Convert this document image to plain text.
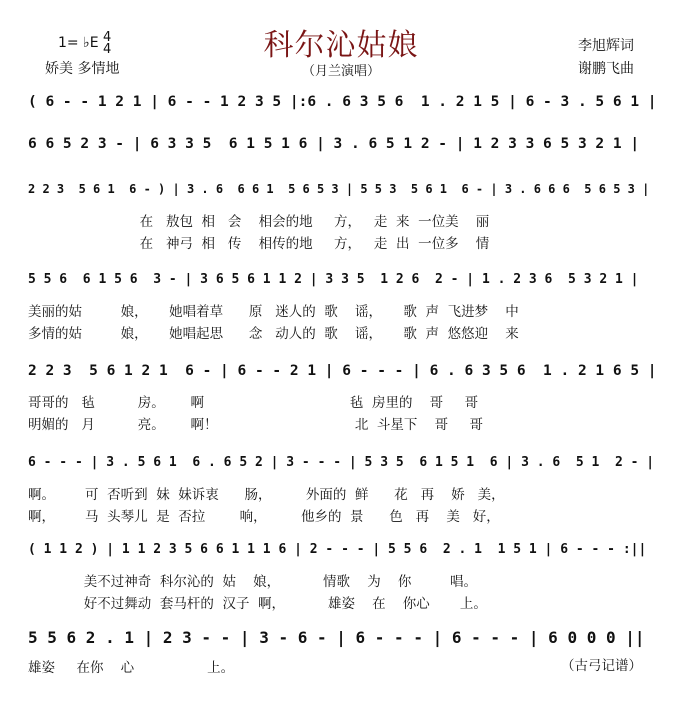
科尔沁姑娘
1= ♭E 4
4
娇美 多情地	（月兰演唱）
李旭辉词
谢鹏飞曲
( 6 - - 1 2 1 | 6 - - 1 2 3 5 |:6 . 6 3 5 6  1 . 2 1 5 | 6 - 3 . 5 6 1 |
6 6 5 2 3 - | 6 3 3 5  6 1 5 1 6 | 3 . 6 5 1 2 - | 1 2 3 3 6 5 3 2 1 |
2 2 3  5 6 1  6 - ) | 3 . 6  6 6 1  5 6 5 3 | 5 5 3  5 6 1  6 - | 3 . 6 6 6  5 6 5 3 |
在   敖包  相   会    相会的地     方，   走  来  一位美    丽
在   神弓  相   传    相传的地     方，   走  出  一位多    情
5 5 6  6 1 5 6  3 - | 3 6 5 6 1 1 2 | 3 3 5  1 2 6  2 - | 1 . 2 3 6  5 3 2 1 |
美丽的姑         娘，     她唱着草      原   迷人的  歌    谣，     歌  声  飞进梦    中
多情的姑         娘，     她唱起思      念   动人的  歌    谣，     歌  声  悠悠迎    来
2 2 3  5 6 1 2 1  6 - | 6 - - 2 1 | 6 - - - | 6 . 6 3 5 6  1 . 2 1 6 5 |
哥哥的   毡          房。      啊                                  毡  房里的    哥     哥
明媚的   月          亮。      啊！                                北  斗星下    哥     哥
6 - - - | 3 . 5 6 1  6 . 6 5 2 | 3 - - - | 5 3 5  6 1 5 1  6 | 3 . 6  5 1  2 - |
啊。       可  否听到  妹  妹诉衷      肠，        外面的  鲜      花   再    娇   美，
啊，       马  头琴儿  是  否拉        响，        他乡的  景      色   再    美   好，
( 1 1 2 ) | 1 1 2 3 5 6 6 1 1 1 6 | 2 - - - | 5 5 6  2 . 1  1 5 1 | 6 - - - :||
美不过神奇  科尔沁的  姑    娘，          情歌    为    你         唱。
好不过舞动  套马杆的  汉子  啊，          雄姿    在    你心       上。
5 5 6 2 . 1 | 2 3 - - | 3 - 6 - | 6 - - - | 6 - - - | 6 0 0 0 ||
雄姿     在你    心                 上。	（古弓记谱）
